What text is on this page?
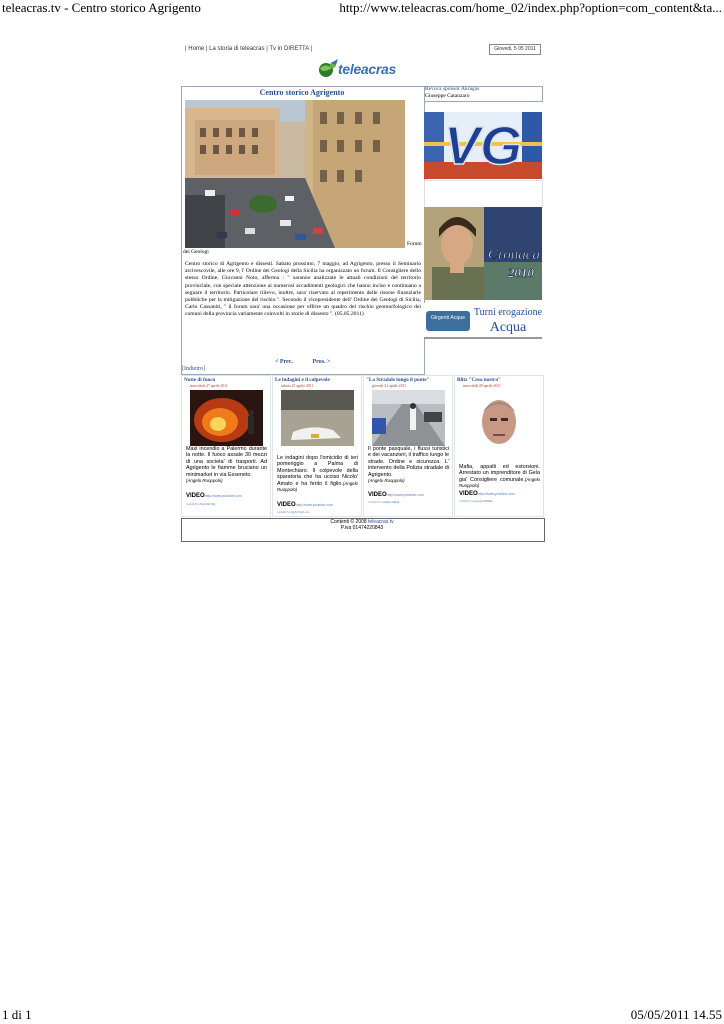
teleacras.tv - Centro storico Agrigento	http://www.teleacras.com/home_02/index.php?option=com_content&ta...
1 di 1	05/05/2011 14.55
| Home | La storia di teleacras | Tv in DIRETTA |	Giovedi, 5 05 2011
teleacras
Centro storico Agrigento
Forum
dei Geologi
Centro storico di Agrigento e dissesti. Sabato prossimo, 7 maggio, ad Agrigento, presso il Seminario arcivescovile, alle ore 9, l' Ordine dei Geologi della Sicilia ha organizzato un forum. Il Consigliere dello stesso Ordine, Giovanni Noto, afferma : " saranno analizzate le attuali condizioni del territorio provinciale, con speciale attenzione ai numerosi accadimenti geologici che hanno inciso e continuano a segnare il territorio. Particolare rilievo, inoltre, sara' riservato al reperimento delle risorse finanziarie pubbliche per la mitigazione del rischio ''. Secondo il vicepresidente dell' Ordine dei Geologi di Sicilia, Carlo Cassaniti, '' il forum sara' una occasione per offrire un quadro del rischio geomorfologico dei comuni della provincia variamente coinvolti in storie di dissesto ". (05.05.2011)
< Prec.	Pros. >
[Indietro]
Revoca sponsor Akragas
Giuseppe Catanzaro
VG
Cronaca
2010
Girgenti Acque Turni erogazione
Acqua
Notte di fuoco
mercoledi 27 aprile 2011
Maxi incendio a Palermo durante la notte. Il fuoco assale 30 mezzi di una societa' di trasporti. Ad Agrigento le fiamme bruciano un minimarket in via Esseneto.
(Angelo Ruoppolo)
VIDEOhttp://www.youtube.com
/watch?v=8ncx6b3hg
Le indagini e il colpevole
sabato 23 aprile 2011
Le indagini dopo l'omicidio di ieri pomeriggio a Palma di Montechiaro. Il colpevole della sparatoria che ha ucciso Nicolo' Amato e ha ferito il figlio.(Angelo Ruoppolo)
VIDEOhttp://www.youtube.com
/watch?v=0g3d7pm-ots
"La Stradale lungo il ponte"
giovedi 21 aprile 2011
Il ponte pasquale, i flussi turistici e dei vacanzieri, il traffico lungo le strade. Ordine e sicurezza. L' intervento della Polizia stradale di Agrigento.
(Angelo Ruoppolo)
VIDEOhttp://www.youtube.com
/watch?v=4aMlp4d9hk
Blitz "Cosa nostra"
mercoledi 20 aprile 2011
Mafia, appalti ed estorsioni. Arrestato un imprenditore di Gela gia' Consigliere comunale.(Angelo Ruoppolo)
VIDEOhttp://www.youtube.com
/watch?v=kp4qzpd9H9k
Contenti © 2008 teleacras.tv
P.iva 01474220843
